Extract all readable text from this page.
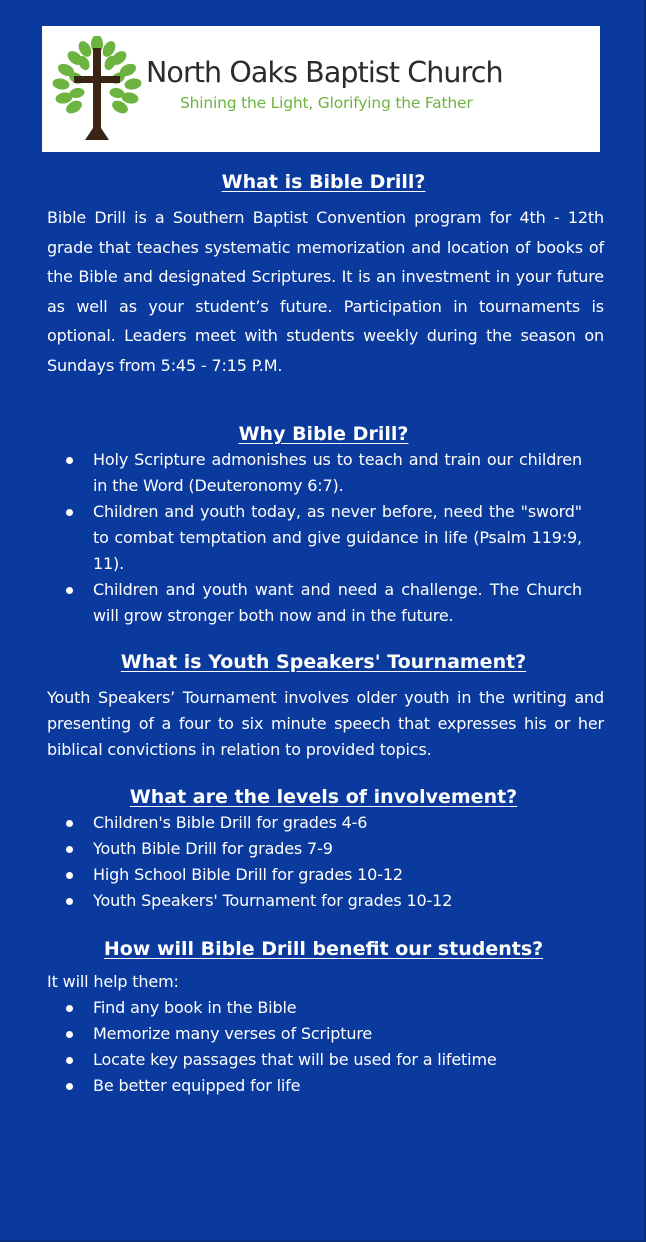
North Oaks Baptist Church
Shining the Light, Glorifying the Father
What is Bible Drill?

Bible Drill is a Southern Baptist Convention program for 4th - 12th grade that teaches systematic memorization and location of books of the Bible and designated Scriptures. It is an investment in your future as well as your student’s future. Participation in tournaments is optional. Leaders meet with students weekly during the season on Sundays from 5:45 - 7:15 P.M.

Why Bible Drill?
Holy Scripture admonishes us to teach and train our children in the Word (Deuteronomy 6:7).
Children and youth today, as never before, need the "sword" to combat temptation and give guidance in life (Psalm 119:9, 11).
Children and youth want and need a challenge. The Church will grow stronger both now and in the future.
What is Youth Speakers' Tournament?

Youth Speakers’ Tournament involves older youth in the writing and presenting of a four to six minute speech that expresses his or her biblical convictions in relation to provided topics.

What are the levels of involvement?
Children's Bible Drill for grades 4-6
Youth Bible Drill for grades 7-9
High School Bible Drill for grades 10-12
Youth Speakers' Tournament for grades 10-12
How will Bible Drill benefit our students?

It will help them:

Find any book in the Bible
Memorize many verses of Scripture
Locate key passages that will be used for a lifetime
Be better equipped for life
